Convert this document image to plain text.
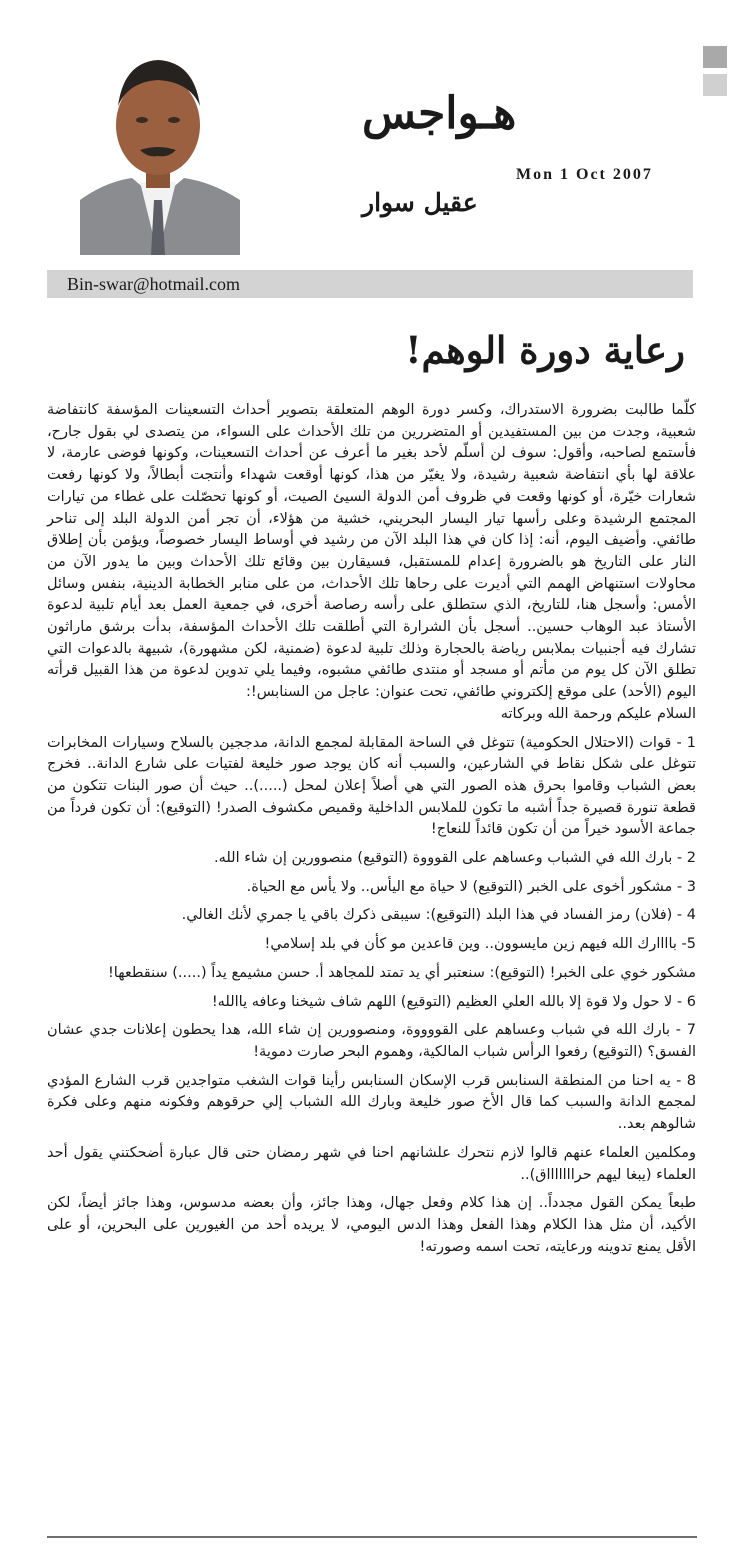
هـواجس
Mon 1 Oct 2007
عقيل سوار
Bin-swar@hotmail.com
رعاية دورة الوهم!

كلّما طالبت بضرورة الاستدراك، وكسر دورة الوهم المتعلقة بتصوير أحداث التسعينات المؤسفة كانتفاضة شعبية، وجدت من بين المستفيدين أو المتضررين من تلك الأحداث على السواء، من يتصدى لي بقول جارح، فأستمع لصاحبه، وأقول: سوف لن أسلّم لأحد بغير ما أعرف عن أحداث التسعينات، وكونها فوضى عارمة، لا علاقة لها بأي انتفاضة شعبية رشيدة، ولا يغيّر من هذا، كونها أوقعت شهداء وأنتجت أبطالاً، ولا كونها رفعت شعارات خيّرة، أو كونها وقعت في ظروف أمن الدولة السيئ الصيت، أو كونها تحصّلت على غطاء من تيارات المجتمع الرشيدة وعلى رأسها تيار اليسار البحريني، خشية من هؤلاء، أن تجر أمن الدولة البلد إلى تناحر طائفي. وأضيف اليوم، أنه: إذا كان في هذا البلد الآن من رشيد في أوساط اليسار خصوصاً، ويؤمن بأن إطلاق النار على التاريخ هو بالضرورة إعدام للمستقبل، فسيقارن بين وقائع تلك الأحداث وبين ما يدور الآن من محاولات استنهاض الهمم التي أديرت على رحاها تلك الأحداث، من على منابر الخطابة الدينية، بنفس وسائل الأمس: وأسجل هنا، للتاريخ، الذي ستطلق على رأسه رصاصة أخرى، في جمعية العمل بعد أيام تلبية لدعوة الأستاذ عبد الوهاب حسين.. أسجل بأن الشرارة التي أطلقت تلك الأحداث المؤسفة، بدأت برشق ماراثون تشارك فيه أجنبيات بملابس رياضة بالحجارة وذلك تلبية لدعوة (ضمنية، لكن مشهورة)، شبيهة بالدعوات التي تطلق الآن كل يوم من مأتم أو مسجد أو منتدى طائفي مشبوه، وفيما يلي تدوين لدعوة من هذا القبيل قرأته اليوم (الأحد) على موقع إلكتروني طائفي، تحت عنوان: عاجل من السنابس!:

السلام عليكم ورحمة الله وبركاته

1 - قوات (الاحتلال الحكومية) تتوغل في الساحة المقابلة لمجمع الدانة، مدججين بالسلاح وسيارات المخابرات تتوغل على شكل نقاط في الشارعين، والسبب أنه كان يوجد صور خليعة لفتيات على شارع الدانة.. فخرج بعض الشباب وقاموا بحرق هذه الصور التي هي أصلاً إعلان لمحل (.....).. حيث أن صور البنات تتكون من قطعة تنورة قصيرة جداً أشبه ما تكون للملابس الداخلية وقميص مكشوف الصدر! (التوقيع): أن تكون فرداً من جماعة الأسود خيراً من أن تكون قائداً للنعاج!

2 - بارك الله في الشباب وعساهم على القوووة (التوقيع) منصوورين إن شاء الله.

3 - مشكور أخوى على الخبر (التوقيع) لا حياة مع اليأس.. ولا يأس مع الحياة.

4 - (فلان) رمز الفساد في هذا البلد (التوقيع): سيبقى ذكرك باقي يا جمري لأنك الغالي.

5- باااارك الله فيهم زين مايسوون.. وين قاعدين مو كأن في بلد إسلامي!

مشكور خوي على الخبر! (التوقيع): سنعتبر أي يد تمتد للمجاهد أ. حسن مشيمع يداً (.....) سنقطعها!

6 - لا حول ولا قوة إلا بالله العلي العظيم (التوقيع) اللهم شاف شيخنا وعافه ياالله!

7 - بارك الله في شباب وعساهم على القووووة، ومنصوورين إن شاء الله، هدا يحطون إعلانات جدي عشان الفسق؟ (التوقيع) رفعوا الرأس شباب المالكية، وهموم البحر صارت دموية!

8 - يه احنا من المنطقة السنابس قرب الإسكان السنابس رأينا قوات الشغب متواجدين قرب الشارع المؤدي لمجمع الدانة والسبب كما قال الأخ صور خليعة وبارك الله الشباب إلي حرقوهم وفكونه منهم وعلى فكرة شالوهم بعد..

ومكلمين العلماء عنهم قالوا لازم نتحرك علشانهم احنا في شهر رمضان حتى قال عبارة أضحكتني يقول أحد العلماء (يبغا ليهم حراااااااق)..

طبعاً يمكن القول مجدداً.. إن هذا كلام وفعل جهال، وهذا جائز، وأن بعضه مدسوس، وهذا جائز أيضاً، لكن الأكيد، أن مثل هذا الكلام وهذا الفعل وهذا الدس اليومي، لا يريده أحد من الغيورين على البحرين، أو على الأقل يمنع تدوينه ورعايته، تحت اسمه وصورته!
